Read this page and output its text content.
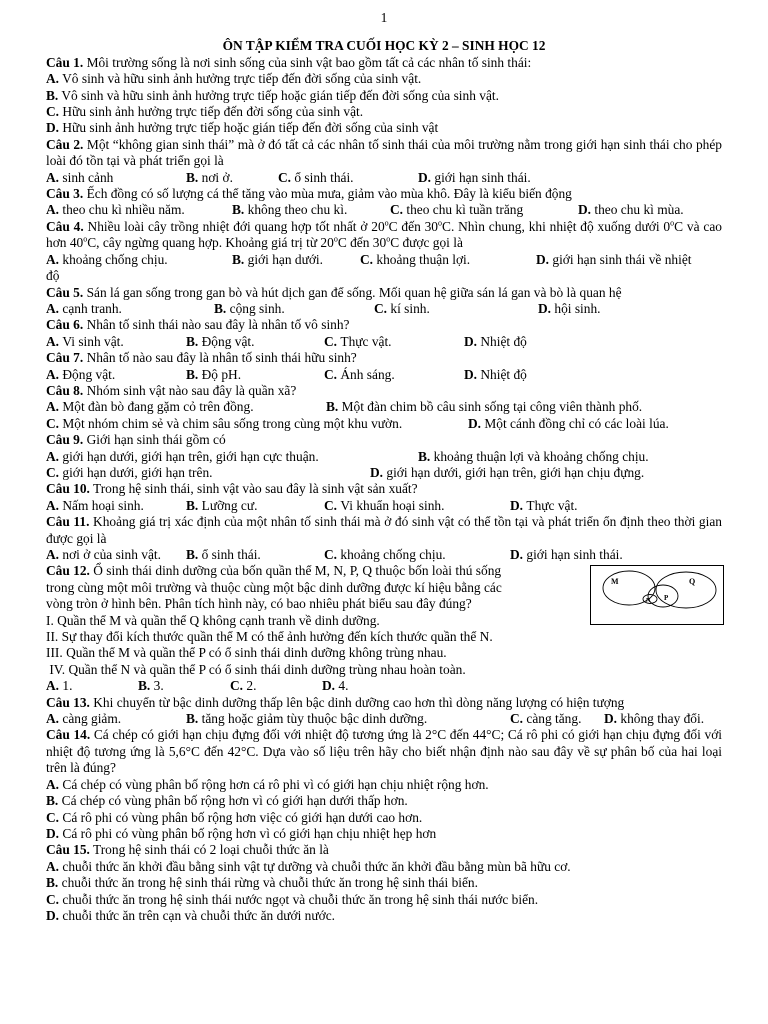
1
ÔN TẬP KIỂM TRA CUỐI HỌC KỲ 2 – SINH HỌC 12
Câu 1. Môi trường sống là nơi sinh sống của sinh vật bao gồm tất cả các nhân tố sinh thái:
A. Vô sinh và hữu sinh ảnh hưởng trực tiếp đến đời sống của sinh vật.
B. Vô sinh và hữu sinh ảnh hưởng trực tiếp hoặc gián tiếp đến đời sống của sinh vật.
C. Hữu sinh ảnh hưởng trực tiếp đến đời sống của sinh vật.
D. Hữu sinh ảnh hưởng trực tiếp hoặc gián tiếp đến đời sống của sinh vật
Câu 2. Một “không gian sinh thái” mà ở đó tất cả các nhân tố sinh thái của môi trường nằm trong giới hạn sinh thái cho phép loài đó tồn tại và phát triển gọi là
A. sinh cảnh	B. nơi ở.	C. ổ sinh thái.	D. giới hạn sinh thái.
Câu 3. Ếch đồng có số lượng cá thể tăng vào mùa mưa, giảm vào mùa khô. Đây là kiểu biến động
A. theo chu kì nhiều năm.	B. không theo chu kì.	C. theo chu kì tuần trăng	D. theo chu kì mùa.
Câu 4. Nhiều loài cây trồng nhiệt đới quang hợp tốt nhất ở 20$^o$C đến 30$^o$C. Nhìn chung, khi nhiệt độ xuống dưới 0$^o$C và cao hơn 40$^o$C, cây ngừng quang hợp. Khoảng giá trị từ 20$^o$C đến 30$^o$C được gọi là
A. khoảng chống chịu.	B. giới hạn dưới.	C. khoảng thuận lợi.	D. giới hạn sinh thái về nhiệt
độ
Câu 5. Sán lá gan sống trong gan bò và hút dịch gan để sống. Mối quan hệ giữa sán lá gan và bò là quan hệ
A. cạnh tranh.	B. cộng sinh.	C. kí sinh.	D. hội sinh.
Câu 6. Nhân tố sinh thái nào sau đây là nhân tố vô sinh?
A. Vi sinh vật.	B. Động vật.	C. Thực vật.	D. Nhiệt độ
Câu 7. Nhân tố nào sau đây là nhân tố sinh thái hữu sinh?
A. Động vật.	B. Độ pH.	C. Ánh sáng.	D. Nhiệt độ
Câu 8. Nhóm sinh vật nào sau đây là quần xã?
A. Một đàn bò đang gặm cỏ trên đồng.	B. Một đàn chim bồ câu sinh sống tại công viên thành phố.
C. Một nhóm chim sẻ và chim sâu sống trong cùng một khu vườn.	D. Một cánh đồng chỉ có các loài lúa.
Câu 9. Giới hạn sinh thái gồm có
A. giới hạn dưới, giới hạn trên, giới hạn cực thuận.	B. khoảng thuận lợi và khoảng chống chịu.
C. giới hạn dưới, giới hạn trên.	D. giới hạn dưới, giới hạn trên, giới hạn chịu đựng.
Câu 10. Trong hệ sinh thái, sinh vật vào sau đây là sinh vật sản xuất?
A. Nấm hoại sinh.	B. Lưỡng cư.	C. Vi khuẩn hoại sinh.	D. Thực vật.
Câu 11. Khoảng giá trị xác định của một nhân tố sinh thái mà ở đó sinh vật có thể tồn tại và phát triển ổn định theo thời gian được gọi là
A. nơi ở của sinh vật.	B. ổ sinh thái.	C. khoảng chống chịu.	D. giới hạn sinh thái.
Câu 12. Ổ sinh thái dinh dưỡng của bốn quần thể M, N, P, Q thuộc bốn loài thú sống
trong cùng một môi trường và thuộc cùng một bậc dinh dưỡng được kí hiệu bằng các
vòng tròn ở hình bên. Phân tích hình này, có bao nhiêu phát biểu sau đây đúng?
M	Q
N P
I. Quần thể M và quần thể Q không cạnh tranh về dinh dưỡng.
II. Sự thay đổi kích thước quần thể M có thể ảnh hưởng đến kích thước quần thể N.
III. Quần thể M và quần thể P có ổ sinh thái dinh dưỡng không trùng nhau.
IV. Quần thể N và quần thể P có ổ sinh thái dinh dưỡng trùng nhau hoàn toàn.
A. 1.	B. 3.	C. 2.	D. 4.
Câu 13. Khi chuyển từ bậc dinh dưỡng thấp lên bậc dinh dưỡng cao hơn thì dòng năng lượng có hiện tượng
A. càng giảm.	B. tăng hoặc giảm tùy thuộc bậc dinh dưỡng.	C. càng tăng.	D. không thay đổi.
Câu 14. Cá chép có giới hạn chịu đựng đối với nhiệt độ tương ứng là 2°C đến 44°C; Cá rô phi có giới hạn chịu đựng đối với nhiệt độ tương ứng là 5,6°C đến 42°C. Dựa vào số liệu trên hãy cho biết nhận định nào sau đây về sự phân bố của hai loại trên là đúng?
A. Cá chép có vùng phân bố rộng hơn cá rô phi vì có giới hạn chịu nhiệt rộng hơn.
B. Cá chép có vùng phân bố rộng hơn vì có giới hạn dưới thấp hơn.
C. Cá rô phi có vùng phân bố rộng hơn việc có giới hạn dưới cao hơn.
D. Cá rô phi có vùng phân bố rộng hơn vì có giới hạn chịu nhiệt hẹp hơn
Câu 15. Trong hệ sinh thái có 2 loại chuỗi thức ăn là
A. chuỗi thức ăn khởi đầu bằng sinh vật tự dưỡng và chuỗi thức ăn khởi đầu bằng mùn bã hữu cơ.
B. chuỗi thức ăn trong hệ sinh thái rừng và chuỗi thức ăn trong hệ sinh thái biển.
C. chuỗi thức ăn trong hệ sinh thái nước ngọt và chuỗi thức ăn trong hệ sinh thái nước biển.
D. chuỗi thức ăn trên cạn và chuỗi thức ăn dưới nước.
